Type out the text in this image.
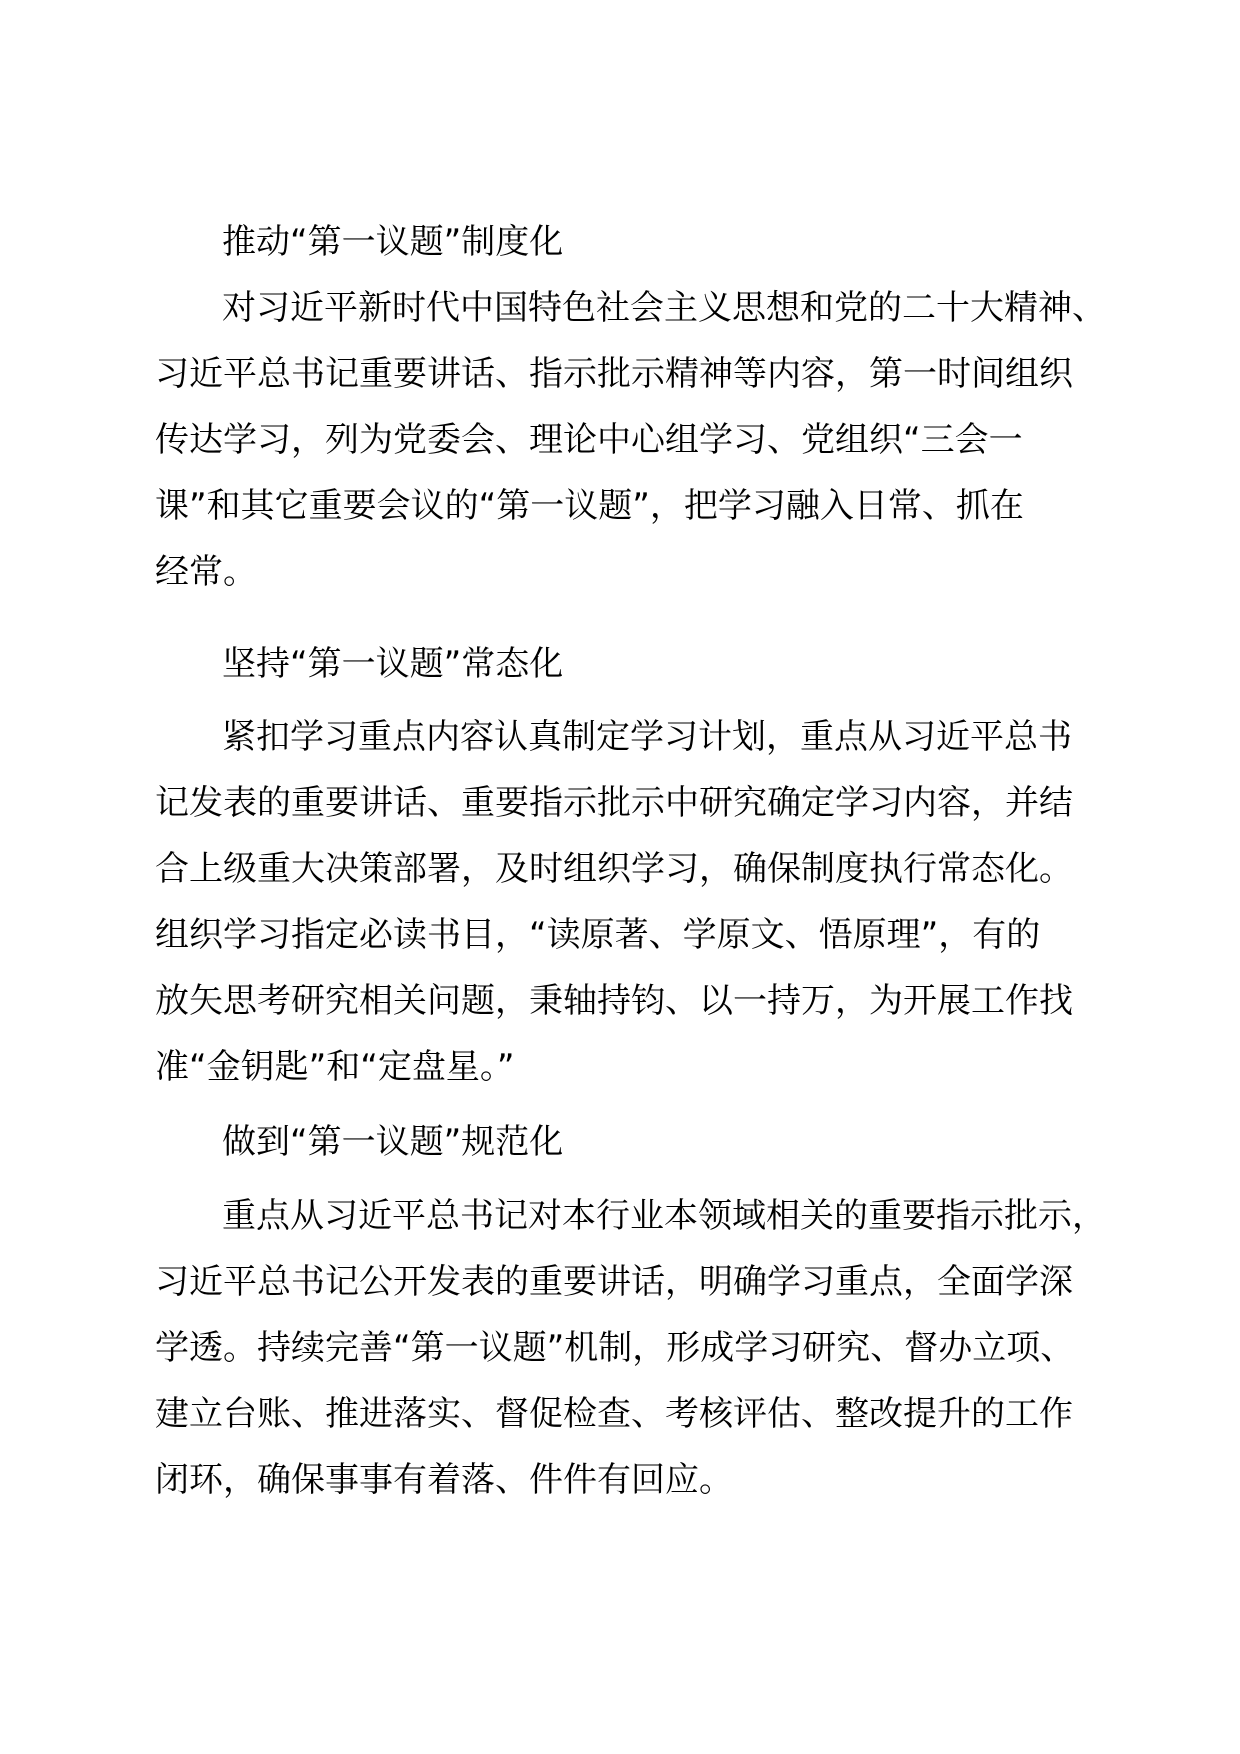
推动“第一议题”制度化
对习近平新时代中国特色社会主义思想和党的二十大精神、
习近平总书记重要讲话、指示批示精神等内容，第一时间组织
传达学习，列为党委会、理论中心组学习、党组织“三会一
课”和其它重要会议的“第一议题”，把学习融入日常、抓在
经常。
坚持“第一议题”常态化
紧扣学习重点内容认真制定学习计划，重点从习近平总书
记发表的重要讲话、重要指示批示中研究确定学习内容，并结
合上级重大决策部署，及时组织学习，确保制度执行常态化。
组织学习指定必读书目，“读原著、学原文、悟原理”，有的
放矢思考研究相关问题，秉轴持钧、以一持万，为开展工作找
准“金钥匙”和“定盘星。”
做到“第一议题”规范化
重点从习近平总书记对本行业本领域相关的重要指示批示，
习近平总书记公开发表的重要讲话，明确学习重点，全面学深
学透。持续完善“第一议题”机制，形成学习研究、督办立项、
建立台账、推进落实、督促检查、考核评估、整改提升的工作
闭环，确保事事有着落、件件有回应。
